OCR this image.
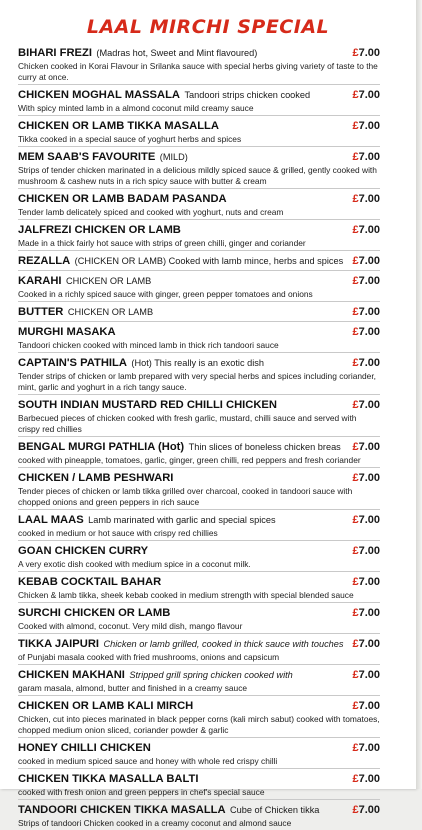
LAAL MIRCHI SPECIAL
BIHARI FREZI (Madras hot, Sweet and Mint flavoured)	£7.00
Chicken cooked in Korai Flavour in Srilanka sauce with special herbs giving variety of taste to the curry at once.
CHICKEN MOGHAL MASSALA Tandoori strips chicken cooked	£7.00
With spicy minted lamb in a almond coconut mild creamy sauce
CHICKEN OR LAMB TIKKA MASALLA	£7.00
Tikka cooked in a special sauce of yoghurt herbs and spices
MEM SAAB'S FAVOURITE (MILD)	£7.00
Strips of tender chicken marinated in a delicious mildly spiced sauce & grilled, gently cooked with mushroom & cashew nuts in a rich spicy sauce with butter & cream
CHICKEN OR LAMB BADAM PASANDA	£7.00
Tender lamb delicately spiced and cooked with yoghurt, nuts and cream
JALFREZI CHICKEN OR LAMB	£7.00
Made in a thick fairly hot sauce with strips of green chilli, ginger and coriander
REZALLA (CHICKEN OR LAMB) Cooked with lamb mince, herbs and spices £7.00
KARAHI CHICKEN OR LAMB	£7.00
Cooked in a richly spiced sauce with ginger, green pepper tomatoes and onions
BUTTER CHICKEN OR LAMB	£7.00
MURGHI MASAKA	£7.00
Tandoori chicken cooked with minced lamb in thick rich tandoori sauce
CAPTAIN'S PATHILA (Hot) This really is an exotic dish	£7.00
Tender strips of chicken or lamb prepared with very special herbs and spices including coriander, mint, garlic and yoghurt in a rich tangy sauce.
SOUTH INDIAN MUSTARD RED CHILLI CHICKEN	£7.00
Barbecued pieces of chicken cooked with fresh garlic, mustard, chilli sauce and served with crispy red chillies
BENGAL MURGI PATHLIA (Hot) Thin slices of boneless chicken breas £7.00
cooked with pineapple, tomatoes, garlic, ginger, green chilli, red peppers and fresh coriander
CHICKEN / LAMB PESHWARI	£7.00
Tender pieces of chicken or lamb tikka grilled over charcoal, cooked in tandoori sauce with chopped onions and green peppers in rich sauce
LAAL MAAS Lamb marinated with garlic and special spices	£7.00
cooked in medium or hot sauce with crispy red chillies
GOAN CHICKEN CURRY	£7.00
A very exotic dish cooked with medium spice in a coconut milk.
KEBAB COCKTAIL BAHAR	£7.00
Chicken & lamb tikka, sheek kebab cooked in medium strength with special blended sauce
SURCHI CHICKEN OR LAMB	£7.00
Cooked with almond, coconut. Very mild dish, mango flavour
TIKKA JAIPURI Chicken or lamb grilled, cooked in thick sauce with touches £7.00
of Punjabi masala cooked with fried mushrooms, onions and capsicum
CHICKEN MAKHANI Stripped grill spring chicken cooked with	£7.00
garam masala, almond, butter and finished in a creamy sauce
CHICKEN OR LAMB KALI MIRCH	£7.00
Chicken, cut into pieces marinated in black pepper corns (kali mirch sabut) cooked with tomatoes, chopped medium onion sliced, coriander powder & garlic
HONEY CHILLI CHICKEN	£7.00
cooked in medium spiced sauce and honey with whole red crispy chilli
CHICKEN TIKKA MASALLA BALTI	£7.00
cooked with fresh onion and green peppers in chef's special sauce
TANDOORI CHICKEN TIKKA MASALLA Cube of Chicken tikka	£7.00
Strips of tandoori Chicken cooked in a creamy coconut and almond sauce
